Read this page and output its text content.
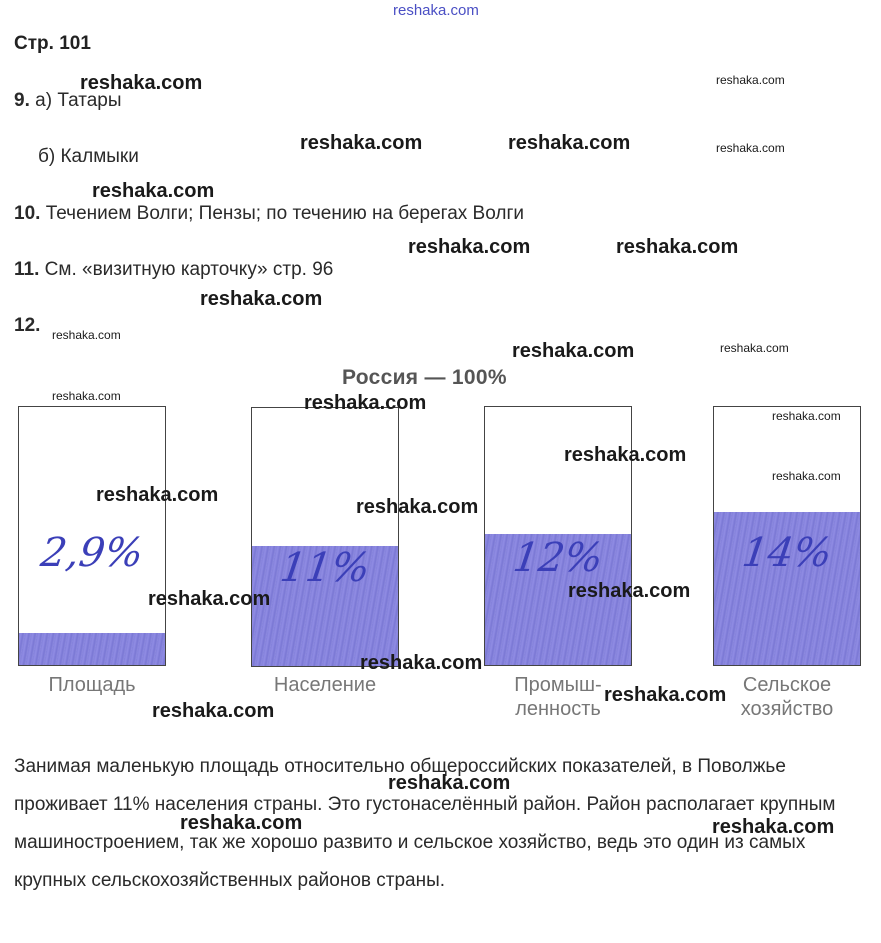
reshaka.com
Стр. 101
9. а) Татары
б) Калмыки
10. Течением Волги; Пензы; по течению на берегах Волги
11. См. «визитную карточку» стр. 96
12.
Россия — 100%
2,9%
Площадь
11%
Население
12%
Промыш-
ленность
14%
Сельское
хозяйство
Занимая маленькую площадь относительно общероссийских показателей, в Поволжье проживает 11% населения страны. Это густонаселённый район. Район располагает крупным машиностроением, так же хорошо развито и сельское хозяйство, ведь это один из самых крупных сельскохозяйственных районов страны.
reshaka.com	reshaka.com
reshaka.com	reshaka.com	reshaka.com
reshaka.com
reshaka.com	reshaka.com
reshaka.com
reshaka.com
reshaka.com	reshaka.com
reshaka.com	reshaka.com
reshaka.com
reshaka.com
reshaka.com
reshaka.com
reshaka.com
reshaka.com
reshaka.com
reshaka.com
reshaka.com
reshaka.com
reshaka.com
reshaka.com	reshaka.com
